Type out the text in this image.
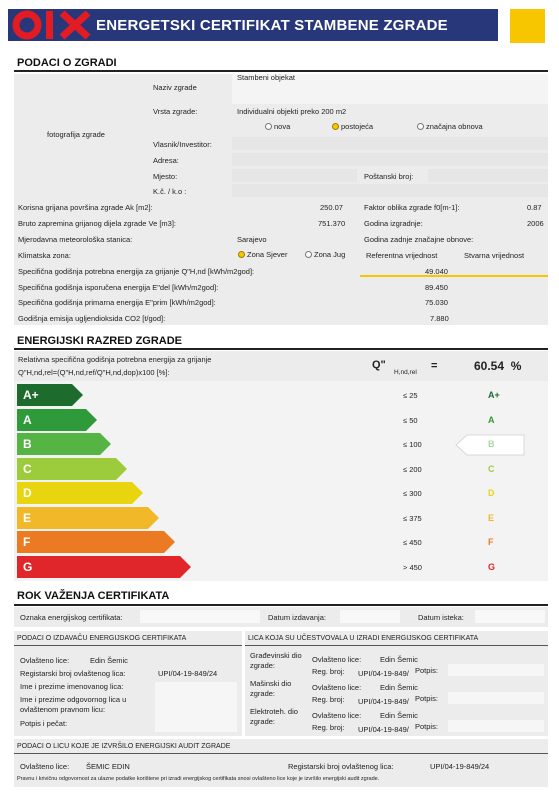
ENERGETSKI CERTIFIKAT STAMBENE ZGRADE
PODACI O ZGRADI
fotografija zgrade
Naziv zgrade
Stambeni objekat
Vrsta zgrade:	Individualni objekti preko 200 m2
nova	postojeća	značajna obnova
Vlasnik/Investitor:
Adresa:
Mjesto:	Poštanski broj:
K.č. / k.o :
Korisna grijana površina zgrade Ak [m2]:	250.07	Faktor oblika zgrade f0[m-1]:	0.87
Bruto zapremina grijanog dijela zgrade Ve [m3]:	751.370	Godina izgradnje:	2006
Mjerodavna meteorološka stanica:	Sarajevo	Godina zadnje značajne obnove:
Klimatska zona:	Zona Sjever	Zona Jug	Referentna vrijednost	Stvarna vrijednost
Specifična godišnja potrebna energija za grijanje Q"H,nd [kWh/m2god]:	49.040
Specifična godišnja isporučena energija E"del [kWh/m2god]:	89.450
Specifična godišnja primarna energija E"prim [kWh/m2god]:	75.030
Godišnja emisija ugljendioksida CO2 [t/god]:	7.880
ENERGIJSKI RAZRED ZGRADE
Relativna specifična godišnja potrebna energija za grijanje
Q"H,nd,rel=(Q"H,nd,ref/Q"H,nd,dop)x100 [%]:
Q"
H,nd,rel
=	60.54  %
A+	≤ 25	A+
A	≤ 50	A
B	≤ 100	B
C	≤ 200	C
D	≤ 300	D
E	≤ 375	E
F	≤ 450	F
G	> 450	G
ROK VAŽENJA CERTIFIKATA
Oznaka energijskog certifikata:	Datum izdavanja:	Datum isteka:
PODACI O IZDAVAČU ENERGIJSKOG CERTIFIKATA
Ovlašteno lice:	Edin Šemic
Registarski broj ovlaštenog lica:	UPI/04-19-849/24
Ime i prezime imenovanog lica:
Ime i prezime odgovornog lica u ovlaštenom pravnom licu:
Potpis i pečat:
LICA KOJA SU UČESTVOVALA U IZRADI ENERGIJSKOG CERTIFIKATA
Građevinski dio zgrade:
Ovlašteno lice:	Edin Šemic
Reg. broj: UPI/04-19-849/ Potpis:
Mašinski dio zgrade:
Ovlašteno lice:	Edin Šemic
Reg. broj: UPI/04-19-849/ Potpis:
Elektroteh. dio zgrade:
Ovlašteno lice:	Edin Šemic
Reg. broj: UPI/04-19-849/ Potpis:
PODACI O LICU KOJE JE IZVRŠILO ENERGIJSKI AUDIT ZGRADE
Ovlašteno lice: ŠEMIC EDIN	Registarski broj ovlaštenog lica:	UPI/04-19-849/24
Pravnu i krivičnu odgovornost za ulazne podatke korištene pri izradi energijskog certifikata snosi ovlašteno lice koje je izvršilo energijski audit zgrade.
